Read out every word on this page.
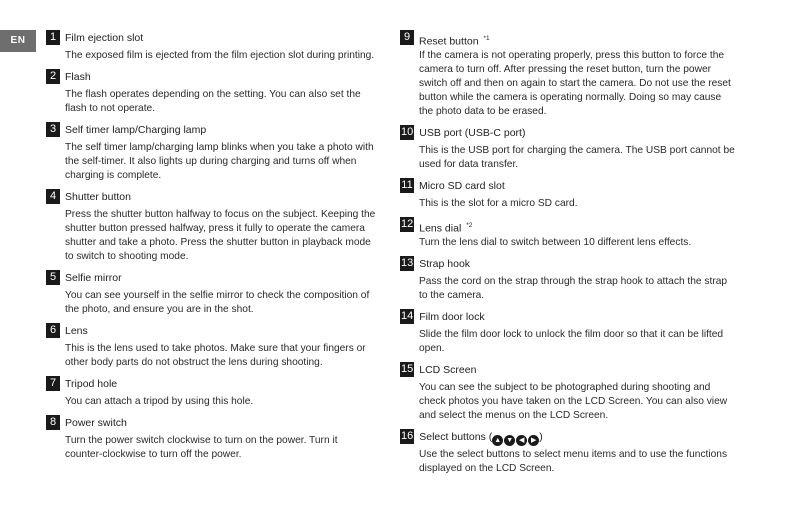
EN	1 Film ejection slot
The exposed film is ejected from the film ejection slot during printing.
2 Flash
The flash operates depending on the setting. You can also set the flash to not operate.
3 Self timer lamp/Charging lamp
The self timer lamp/charging lamp blinks when you take a photo with the self-timer. It also lights up during charging and turns off when charging is complete.
4 Shutter button
Press the shutter button halfway to focus on the subject. Keeping the shutter button pressed halfway, press it fully to operate the camera shutter and take a photo. Press the shutter button in playback mode to switch to shooting mode.
5 Selfie mirror
You can see yourself in the selfie mirror to check the composition of the photo, and ensure you are in the shot.
6 Lens
This is the lens used to take photos. Make sure that your fingers or other body parts do not obstruct the lens during shooting.
7 Tripod hole
You can attach a tripod by using this hole.
8 Power switch
Turn the power switch clockwise to turn on the power. Turn it counter-clockwise to turn off the power.
9 Reset button $^{*1}$
If the camera is not operating properly, press this button to force the camera to turn off. After pressing the reset button, turn the power switch off and then on again to start the camera. Do not use the reset button while the camera is operating normally. Doing so may cause the photo data to be erased.
10 USB port (USB-C port)
This is the USB port for charging the camera. The USB port cannot be used for data transfer.
11 Micro SD card slot
This is the slot for a micro SD card.
12 Lens dial $^{*2}$
Turn the lens dial to switch between 10 different lens effects.
13 Strap hook
Pass the cord on the strap through the strap hook to attach the strap to the camera.
14 Film door lock
Slide the film door lock to unlock the film door so that it can be lifted open.
15 LCD Screen
You can see the subject to be photographed during shooting and check photos you have taken on the LCD Screen. You can also view and select the menus on the LCD Screen.
16 Select buttons ( ▲ ▼ ◀ ▶ )
Use the select buttons to select menu items and to use the functions displayed on the LCD Screen.
